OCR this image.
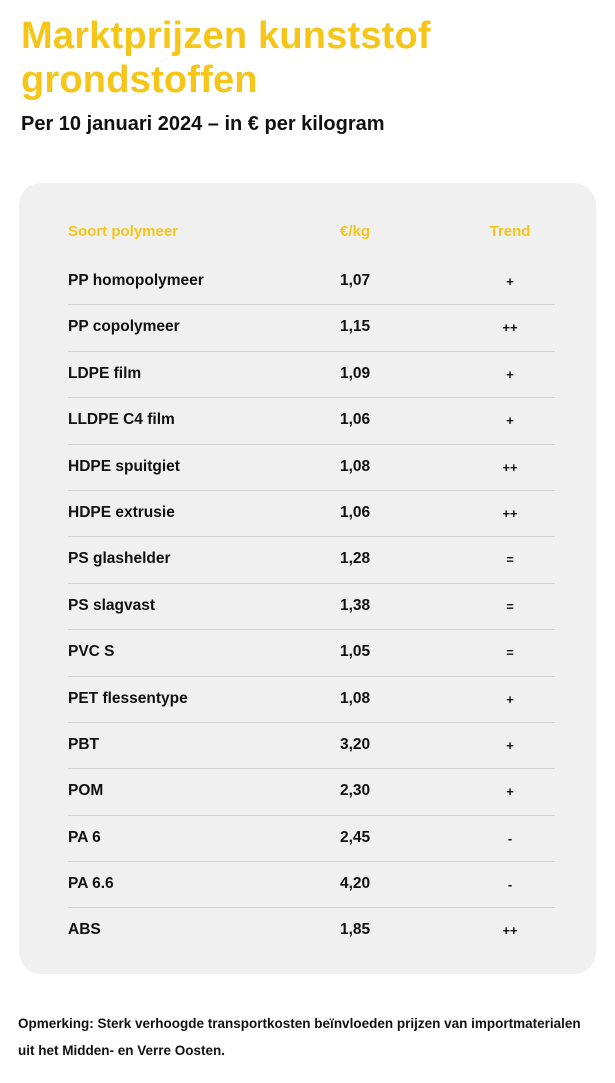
Marktprijzen kunststof grondstoffen

Per 10 januari 2024 – in € per kilogram

Soort polymeer	€/kg	Trend
PP homopolymeer	1,07	+
PP copolymeer	1,15	++
LDPE film	1,09	+
LLDPE C4 film	1,06	+
HDPE spuitgiet	1,08	++
HDPE extrusie	1,06	++
PS glashelder	1,28	=
PS slagvast	1,38	=
PVC S	1,05	=
PET flessentype	1,08	+
PBT	3,20	+
POM	2,30	+
PA 6	2,45	-
PA 6.6	4,20	-
ABS	1,85	++

Opmerking: Sterk verhoogde transportkosten beïnvloeden prijzen van importmaterialen uit het Midden- en Verre Oosten.
